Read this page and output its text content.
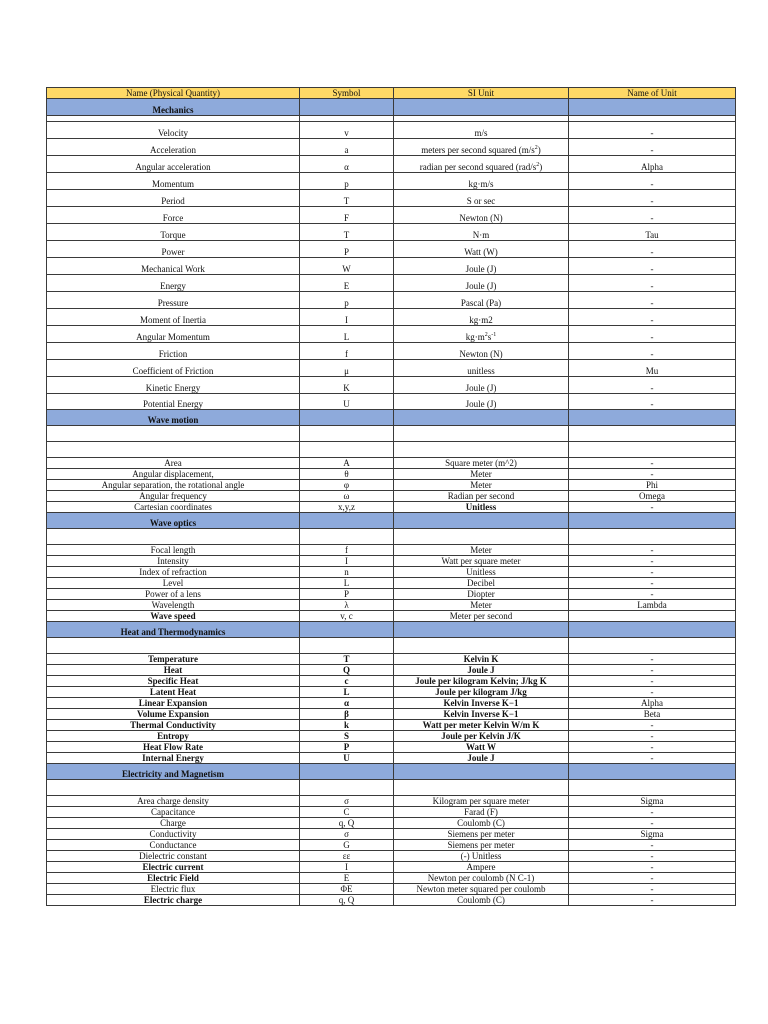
Name (Physical Quantity)	Symbol	SI Unit	Name of Unit
Mechanics			

Velocity	v	m/s	-
Acceleration	a	meters per second squared $(m/s^2)$	-
Angular acceleration	α	radian per second squared $(rad/s^2)$	Alpha
Momentum	p	kg·m/s	-
Period	T	S or sec	-
Force	F	Newton (N)	-
Torque	T	N·m	Tau
Power	P	Watt (W)	-
Mechanical Work	W	Joule (J)	-
Energy	E	Joule (J)	-
Pressure	p	Pascal (Pa)	-
Moment of Inertia	I	kg·m2	-
Angular Momentum	L	$kg\cdot m^2s^{-1}$	-
Friction	f	Newton (N)	-
Coefficient of Friction	μ	unitless	Mu
Kinetic Energy	K	Joule (J)	-
Potential Energy	U	Joule (J)	-
Wave motion			

Area	A	Square meter (m^2)	-
Angular displacement,	θ	Meter	-
Angular separation, the rotational angle	φ	Meter	Phi
Angular frequency	ω	Radian per second	Omega
Cartesian coordinates	x,y,z	Unitless	-
Wave optics			

Focal length	f	Meter	-
Intensity	I	Watt per square meter	-
Index of refraction	n	Unitless	-
Level	L	Decibel	-
Power of a lens	P	Diopter	-
Wavelength	λ	Meter	Lambda
Wave speed	v, c	Meter per second	
Heat and Thermodynamics			

Temperature	T	Kelvin K	-
Heat	Q	Joule J	-
Specific Heat	c	Joule per kilogram Kelvin; J/kg K	-
Latent Heat	L	Joule per kilogram J/kg	-
Linear Expansion	α	Kelvin Inverse K−1	Alpha
Volume Expansion	β	Kelvin Inverse K−1	Beta
Thermal Conductivity	k	Watt per meter Kelvin W/m K	-
Entropy	S	Joule per Kelvin J/K	-
Heat Flow Rate	P	Watt W	-
Internal Energy	U	Joule J	-
Electricity and Magnetism			

Area charge density	σ	Kilogram per square meter	Sigma
Capacitance	C	Farad (F)	-
Charge	q, Q	Coulomb (C)	-
Conductivity	σ	Siemens per meter	Sigma
Conductance	G	Siemens per meter	-
Dielectric constant	εε	(-) Unitless	-
Electric current	I	Ampere	-
Electric Field	E	Newton per coulomb (N C-1)	-
Electric flux	ΦE	Newton meter squared per coulomb	-
Electric charge	q, Q	Coulomb (C)	-
